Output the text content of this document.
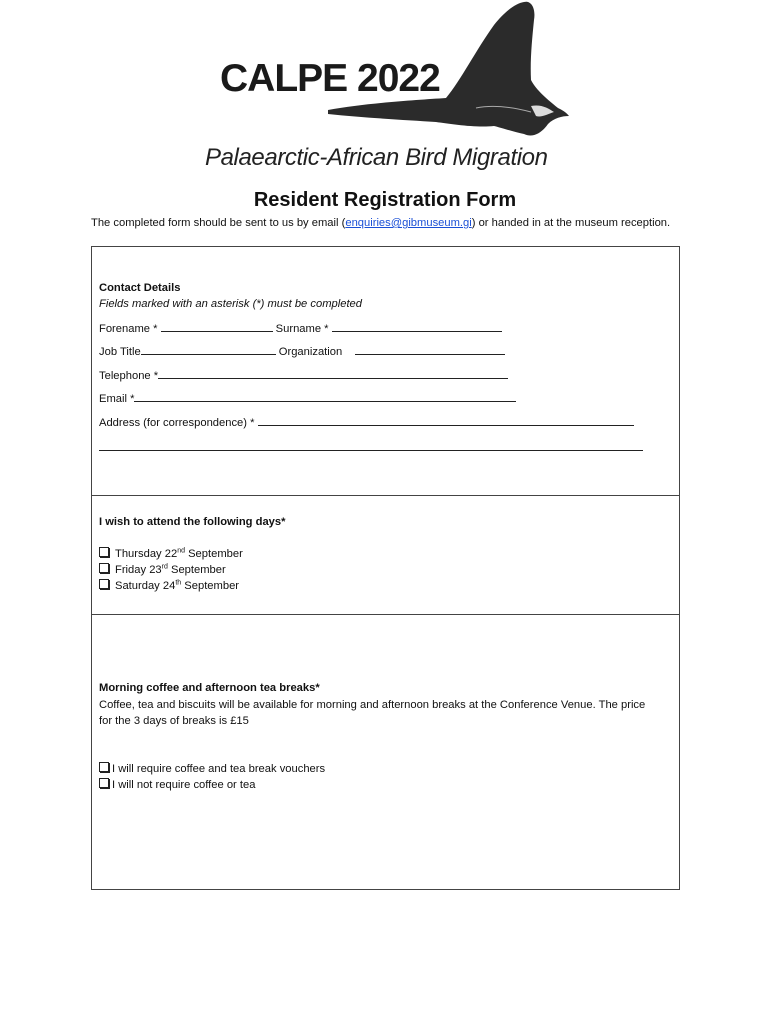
CALPE 2022
Palaearctic-African Bird Migration
Resident Registration Form
The completed form should be sent to us by email (enquiries@gibmuseum.gi) or handed in at the museum reception.
Contact Details
Fields marked with an asterisk (*) must be completed
Forename *	Surname *
Job Title	Organization
Telephone *
Email *
Address (for correspondence) *
I wish to attend the following days*
Thursday 22nd September
Friday 23rd September
Saturday 24th September
Morning coffee and afternoon tea breaks*
Coffee, tea and biscuits will be available for morning and afternoon breaks at the Conference Venue. The price
for the 3 days of breaks is £15
I will require coffee and tea break vouchers
I will not require coffee or tea
